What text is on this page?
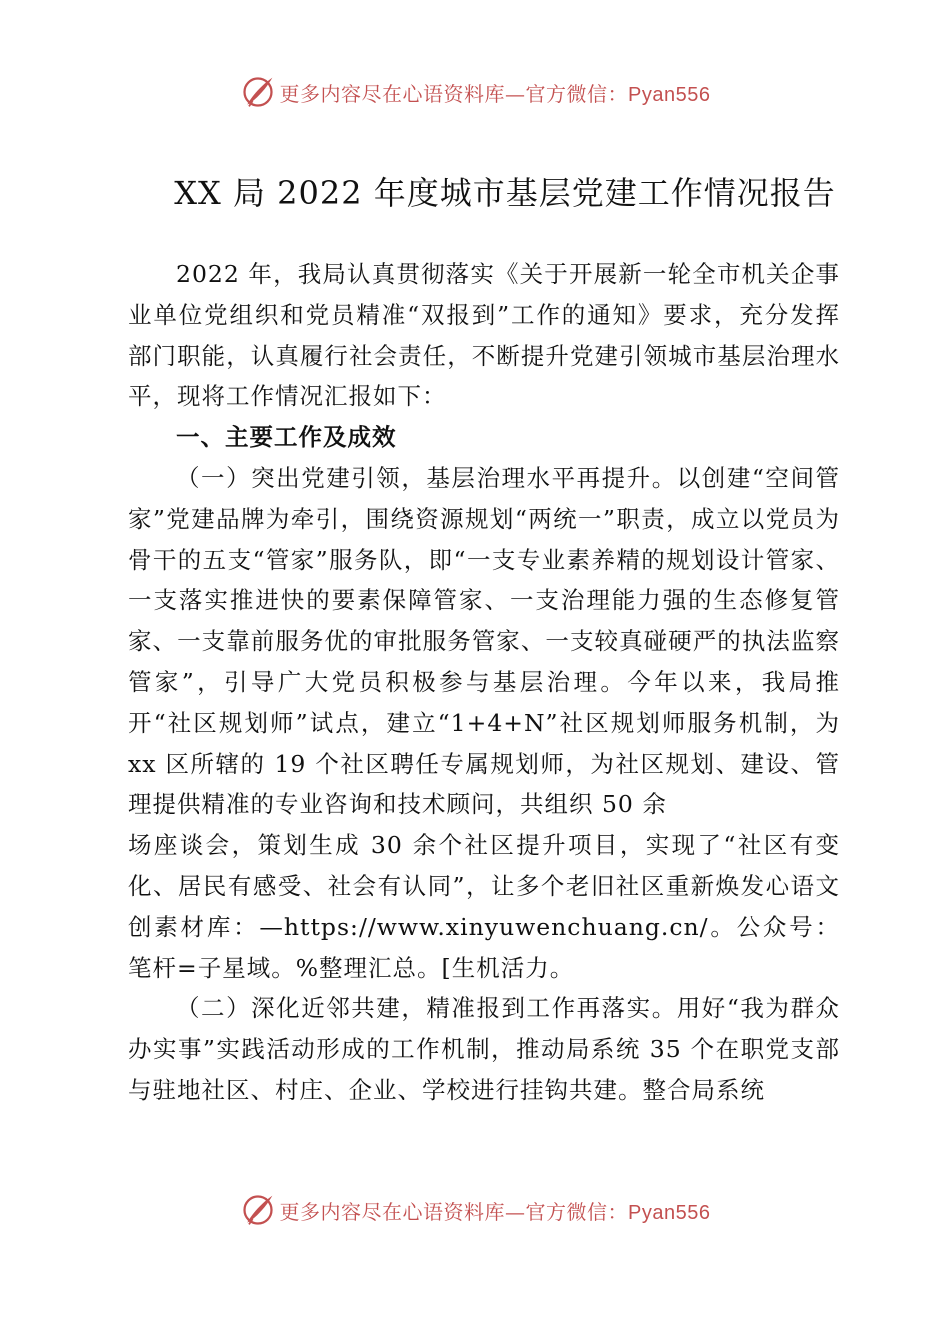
更多内容尽在心语资料库—官方微信：Pyan556
XX 局 2022 年度城市基层党建工作情况报告

2022 年，我局认真贯彻落实《关于开展新一轮全市机关企事业单位党组织和党员精准“双报到”工作的通知》要求，充分发挥部门职能，认真履行社会责任，不断提升党建引领城市基层治理水平，现将工作情况汇报如下：

一、主要工作及成效

（一）突出党建引领，基层治理水平再提升。以创建“空间管家”党建品牌为牵引，围绕资源规划“两统一”职责，成立以党员为骨干的五支“管家”服务队，即“一支专业素养精的规划设计管家、一支落实推进快的要素保障管家、一支治理能力强的生态修复管家、一支靠前服务优的审批服务管家、一支较真碰硬严的执法监察管家”，引导广大党员积极参与基层治理。今年以来，我局推开“社区规划师”试点，建立“1+4+N”社区规划师服务机制，为 xx 区所辖的 19 个社区聘任专属规划师，为社区规划、建设、管理提供精准的专业咨询和技术顾问，共组织 50 余

场座谈会，策划生成 30 余个社区提升项目，实现了“社区有变化、居民有感受、社会有认同”，让多个老旧社区重新焕发心语文创素材库：—https://www.xinyuwenchuang.cn/。公众号：笔杆=子星域。%整理汇总。[生机活力。

（二）深化近邻共建，精准报到工作再落实。用好“我为群众办实事”实践活动形成的工作机制，推动局系统 35 个在职党支部与驻地社区、村庄、企业、学校进行挂钩共建。整合局系统

更多内容尽在心语资料库—官方微信：Pyan556
